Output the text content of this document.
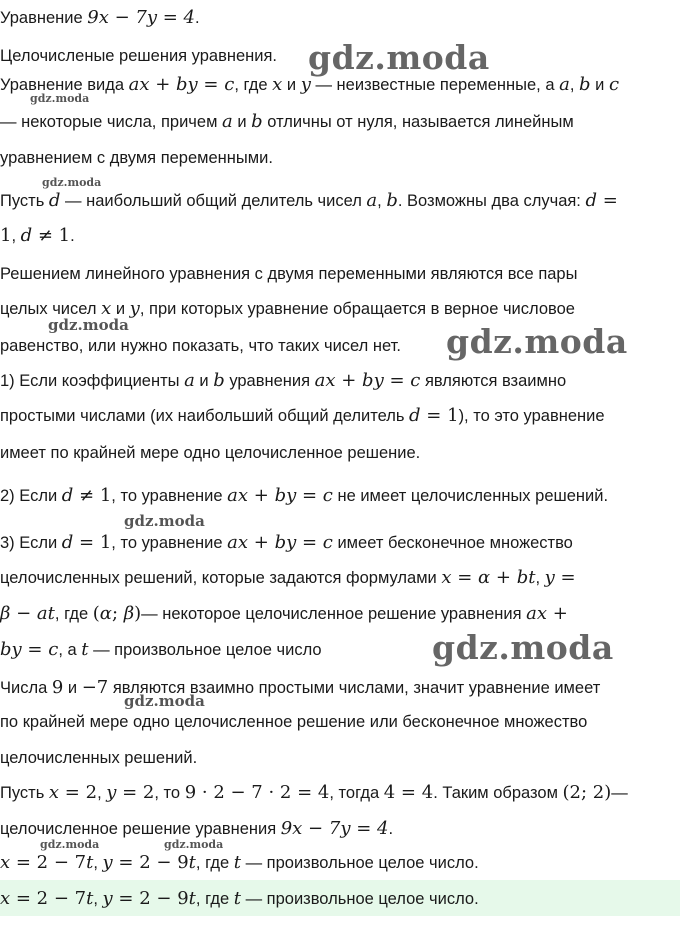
Уравнение 9x − 7y = 4.
Целочисленые решения уравнения.
Уравнение вида ax + by = c, где x и y — неизвестные переменные, а a, b и c
— некоторые числа, причем a и b отличны от нуля, называется линейным
уравнением с двумя переменными.
Пусть d — наибольший общий делитель чисел a, b. Возможны два случая: d =
1, d ≠ 1.
Решением линейного уравнения с двумя переменными являются все пары
целых чисел x и y, при которых уравнение обращается в верное числовое
равенство, или нужно показать, что таких чисел нет.
1) Если коэффициенты a и b уравнения ax + by = c являются взаимно
простыми числами (их наибольший общий делитель d = 1), то это уравнение
имеет по крайней мере одно целочисленное решение.
2) Если d ≠ 1, то уравнение ax + by = c не имеет целочисленных решений.
3) Если d = 1, то уравнение ax + by = c имеет бесконечное множество
целочисленных решений, которые задаются формулами x = α + bt, y =
β − at, где (α; β)— некоторое целочисленное решение уравнения ax +
by = c, а t — произвольное целое число
Числа 9 и −7 являются взаимно простыми числами, значит уравнение имеет
по крайней мере одно целочисленное решение или бесконечное множество
целочисленных решений.
Пусть x = 2, y = 2, то 9 · 2 − 7 · 2 = 4, тогда 4 = 4. Таким образом (2; 2)—
целочисленное решение уравнения 9x − 7y = 4.
x = 2 − 7t, y = 2 − 9t, где t — произвольное целое число.
x = 2 − 7t, y = 2 − 9t, где t — произвольное целое число.
gdz.moda
gdz.moda
gdz.moda
gdz.moda	gdz.moda
gdz.moda
gdz.moda
gdz.moda
gdz.moda	gdz.moda
